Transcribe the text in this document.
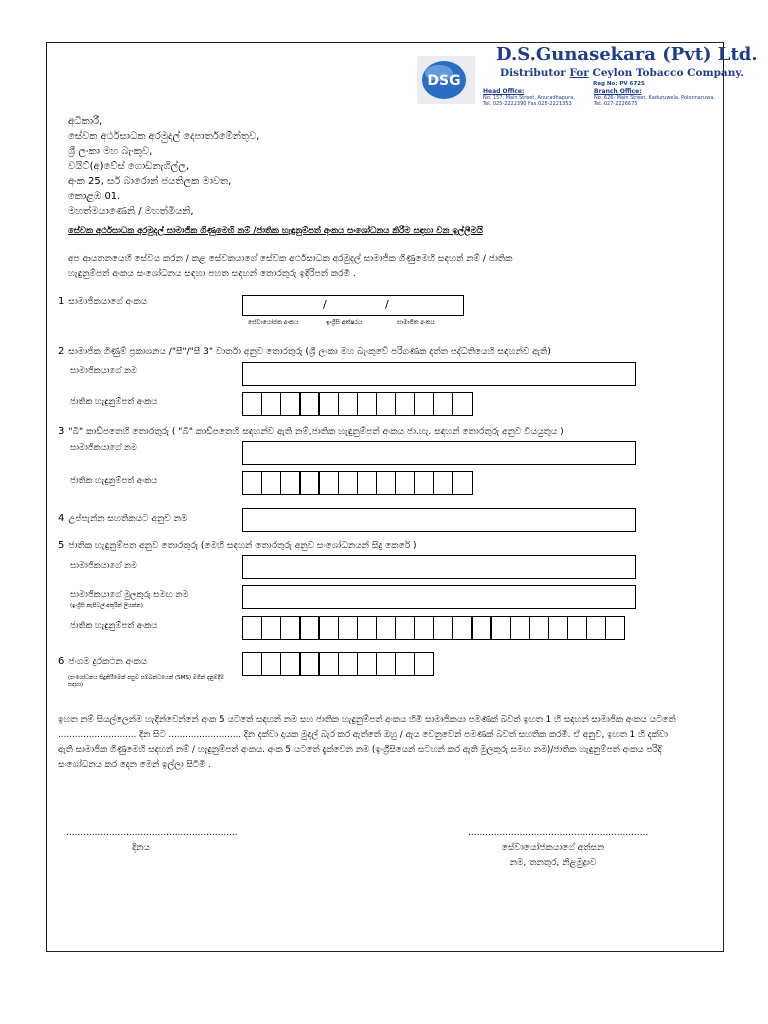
DSG
D.S.Gunasekara (Pvt) Ltd.
Distributor For Ceylon Tobacco Company.
Reg No: PV 6725
Head Office:
No. 157, Main Street, Anuradhapura.
Tel. 025-2222390 Fax.025-2221353
Branch Office:
No. 626, Main Street, Kaduruwela, Polonnaruwa.
Tel. 027-2226675
අධිකාරී,
සේවක අර්ථසාධක අරමුදල් දෙපාර්තමේන්තුව,
ශ්‍රී ලංකා මහ බැංකුව,
වයිට්(අ)වේස් ගොඩනැගිල්ල,
අංක 25, සර් බාරොන් ජයතිලක මාවත,
කොළඹ 01.
මහත්මයාණෙනි / මහත්මියනි,
සේවක අර්ථසාධක අරමුදල් සාමාජික ගිණුමෙහි නම් /ජාතික හැඳුනුම්පත් අංකය සංශෝධනය කිරීම සඳහා වන ඉල්ලීමයි
අප ආයතනයෙහි සේවය කරන / කළ සේවකයාගේ සේවක අර්ථසාධක අරමුදල් සාමාජික ගිණුමෙහි සඳහන් නම් / ජාතික
හැඳුනුම්පත් අංකය සංශෝධනය සඳහා පහත සඳහන් තොරතුරු ඉදිරිපත් කරමි .
1 සාමාජිකයාගේ අංකය	/	/
සේවායෝජක අංකය	ඉංග්‍රීසි අක්ෂරය	සාමාජික අංකය
2 සාමාජික ගිණුම් ප්‍රකාශනය /"සී"/"සී 3" වාර්තා අනුව තොරතුරු (ශ්‍රී ලංකා මහ බැංකුවේ පරිගණක දත්ත පද්ධතියෙහි සඳහන්ව ඇති)
සාමාජිකයාගේ නම
ජාතික හැඳුනුම්පත් අංකය
3 "බී" කාඩ්පතෙහි තොරතුරු ( "බී" කාඩ්පතෙහි සඳහන්ව ඇති නම්,ජාතික හැඳුනුම්පත් අංකය ජා.හැ. සඳහන් තොරතුරු අනුව වියයුතුය )
සාමාජිකයාගේ නම
ජාතික හැඳුනුම්පත් අංකය
4 උප්පැන්න සහතිකයට අනුව නම
5 ජාතික හැඳුනුම්පත අනුව තොරතුරු (මෙහි සඳහන් තොරතුරු අනුව සංශෝධනයන් සිදු කෙරේ )
සාමාජිකයාගේ නම
සාමාජිකයාගේ මුලකුරු සමඟ නම
(ඉංග්‍රීසි කැපිටල් අකුරින් ලියන්න)
ජාතික හැඳුනුම්පත් අංකය
6 ජංගම දුරකථන අංකය
(සංශෝධනය සිදුකිරීමෙන් පසුව සම්බන්ධයෙන් (SMS) මගින් දැනුම්දීම් සඳහා)
ඉහත නම් සියල්ලෙන්ම හැඳින්වෙන්නේ අංක 5 යටතේ සඳහන් නම සහ ජාතික හැඳුනුම්පත් අංකය හිමි සාමාජිකයා පමණක් බවත් ඉහත 1 හි සඳහන් සාමාජික අංකය යටතේ ............................ දින සිට .......................... දින දක්වා දායක මුදල් බැර කර ඇත්තේ ඔහු / ඇය වෙනුවෙන් පමණක් බවත් සහතික කරමි. ඒ අනුව, ඉහත 1 හි දක්වා ඇති සාමාජික ගිණුමෙහි සඳහන් නම් / හැඳුනුම්පත් අංකය. අංක 5 යටතේ දැක්වෙන නම (ඉංග්‍රීසියෙන් සටහන් කර ඇති මුලකුරු සමඟ නම)/ජාතික හැඳුනුම්පත් අංකය පරිදි සංශෝධනය කර දෙන මෙන් ඉල්ලා සිටිමි .
............................................................
දිනය
...............................................................
සේවායෝජකයාගේ අත්සන
නම, තනතුර, නිළමුද්‍රාව
